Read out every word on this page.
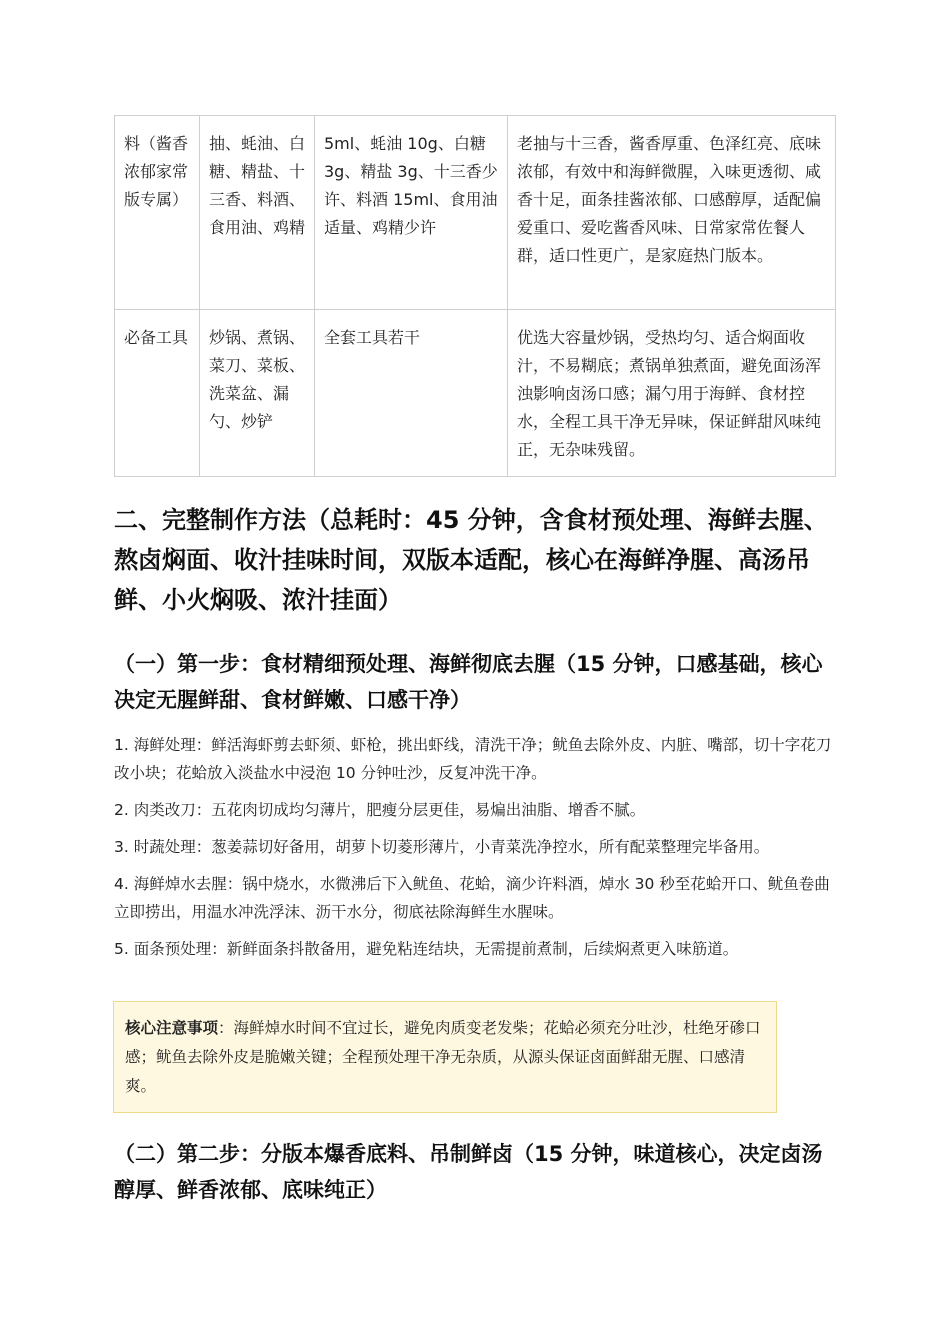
料（酱香浓郁家常版专属）	抽、蚝油、白糖、精盐、十三香、料酒、食用油、鸡精	5ml、蚝油 10g、白糖 3g、精盐 3g、十三香少许、料酒 15ml、食用油适量、鸡精少许	老抽与十三香，酱香厚重、色泽红亮、底味浓郁，有效中和海鲜微腥，入味更透彻、咸香十足，面条挂酱浓郁、口感醇厚，适配偏爱重口、爱吃酱香风味、日常家常佐餐人群，适口性更广，是家庭热门版本。
必备工具	炒锅、煮锅、菜刀、菜板、洗菜盆、漏勺、炒铲	全套工具若干	优选大容量炒锅，受热均匀、适合焖面收汁，不易糊底；煮锅单独煮面，避免面汤浑浊影响卤汤口感；漏勺用于海鲜、食材控水，全程工具干净无异味，保证鲜甜风味纯正，无杂味残留。
二、完整制作方法（总耗时：45 分钟，含食材预处理、海鲜去腥、熬卤焖面、收汁挂味时间，双版本适配，核心在海鲜净腥、高汤吊鲜、小火焖吸、浓汁挂面）
（一）第一步：食材精细预处理、海鲜彻底去腥（15 分钟，口感基础，核心决定无腥鲜甜、食材鲜嫩、口感干净）
1. 海鲜处理：鲜活海虾剪去虾须、虾枪，挑出虾线，清洗干净；鱿鱼去除外皮、内脏、嘴部，切十字花刀改小块；花蛤放入淡盐水中浸泡 10 分钟吐沙，反复冲洗干净。
2. 肉类改刀：五花肉切成均匀薄片，肥瘦分层更佳，易煸出油脂、增香不腻。
3. 时蔬处理：葱姜蒜切好备用，胡萝卜切菱形薄片，小青菜洗净控水，所有配菜整理完毕备用。
4. 海鲜焯水去腥：锅中烧水，水微沸后下入鱿鱼、花蛤，滴少许料酒，焯水 30 秒至花蛤开口、鱿鱼卷曲立即捞出，用温水冲洗浮沫、沥干水分，彻底祛除海鲜生水腥味。
5. 面条预处理：新鲜面条抖散备用，避免粘连结块，无需提前煮制，后续焖煮更入味筋道。
核心注意事项：海鲜焯水时间不宜过长，避免肉质变老发柴；花蛤必须充分吐沙，杜绝牙碜口感；鱿鱼去除外皮是脆嫩关键；全程预处理干净无杂质，从源头保证卤面鲜甜无腥、口感清爽。
（二）第二步：分版本爆香底料、吊制鲜卤（15 分钟，味道核心，决定卤汤醇厚、鲜香浓郁、底味纯正）
